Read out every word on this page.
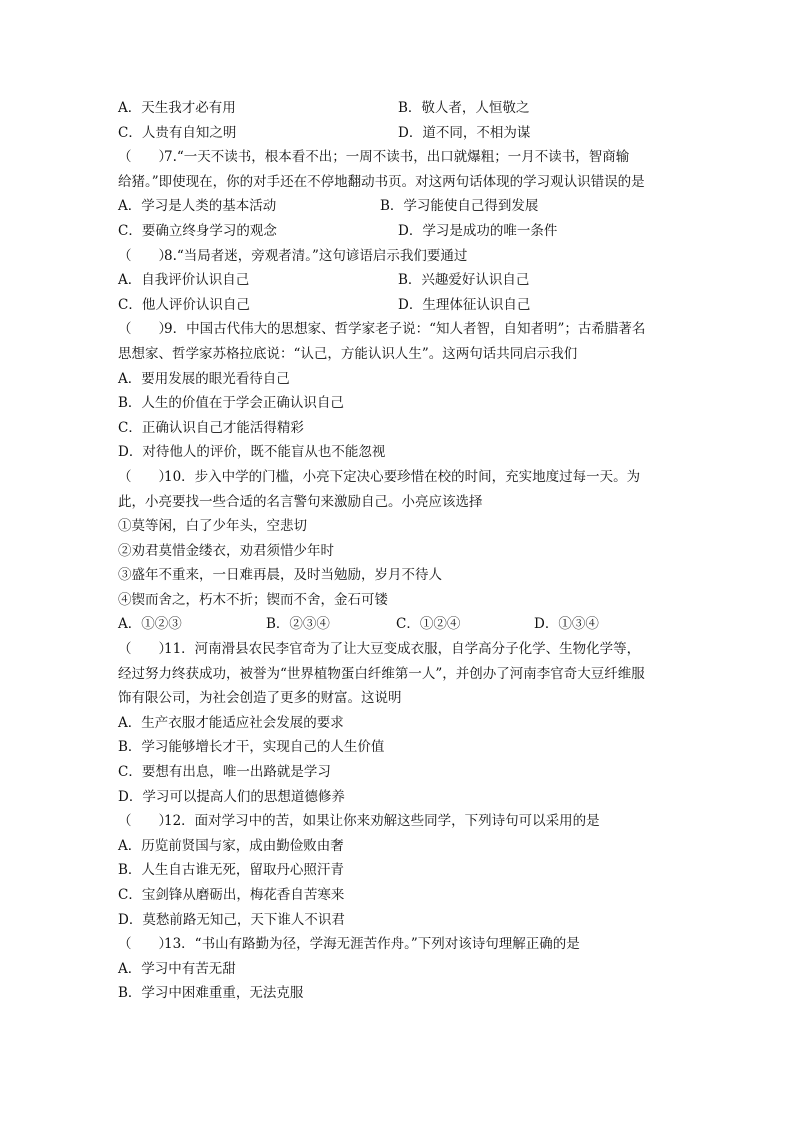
A．天生我才必有用	B．敬人者，人恒敬之
C．人贵有自知之明	D．道不同，不相为谋
（　　）7.“一天不读书，根本看不出；一周不读书，出口就爆粗；一月不读书，智商输
给猪。”即使现在，你的对手还在不停地翻动书页。对这两句话体现的学习观认识错误的是
A．学习是人类的基本活动	B．学习能使自己得到发展
C．要确立终身学习的观念	D．学习是成功的唯一条件
（　　）8.“当局者迷，旁观者清。”这句谚语启示我们要通过
A．自我评价认识自己	B．兴趣爱好认识自己
C．他人评价认识自己	D．生理体征认识自己
（　　）9．中国古代伟大的思想家、哲学家老子说：“知人者智，自知者明”；古希腊著名
思想家、哲学家苏格拉底说：“认己，方能认识人生”。这两句话共同启示我们
A．要用发展的眼光看待自己
B．人生的价值在于学会正确认识自己
C．正确认识自己才能活得精彩
D．对待他人的评价，既不能盲从也不能忽视
（　　）10．步入中学的门槛，小亮下定决心要珍惜在校的时间，充实地度过每一天。为
此，小亮要找一些合适的名言警句来激励自己。小亮应该选择
①莫等闲，白了少年头，空悲切
②劝君莫惜金缕衣，劝君须惜少年时
③盛年不重来，一日难再晨，及时当勉励，岁月不待人
④锲而舍之，朽木不折；锲而不舍，金石可镂
A．①②③	B．②③④	C．①②④	D．①③④
（　　）11．河南滑县农民李官奇为了让大豆变成衣服，自学高分子化学、生物化学等，
经过努力终获成功，被誉为“世界植物蛋白纤维第一人”，并创办了河南李官奇大豆纤维服
饰有限公司，为社会创造了更多的财富。这说明
A．生产衣服才能适应社会发展的要求
B．学习能够增长才干，实现自己的人生价值
C．要想有出息，唯一出路就是学习
D．学习可以提高人们的思想道德修养
（　　）12．面对学习中的苦，如果让你来劝解这些同学，下列诗句可以采用的是
A．历览前贤国与家，成由勤俭败由奢
B．人生自古谁无死，留取丹心照汗青
C．宝剑锋从磨砺出，梅花香自苦寒来
D．莫愁前路无知己，天下谁人不识君
（　　）13．“书山有路勤为径，学海无涯苦作舟。”下列对该诗句理解正确的是
A．学习中有苦无甜
B．学习中困难重重，无法克服
